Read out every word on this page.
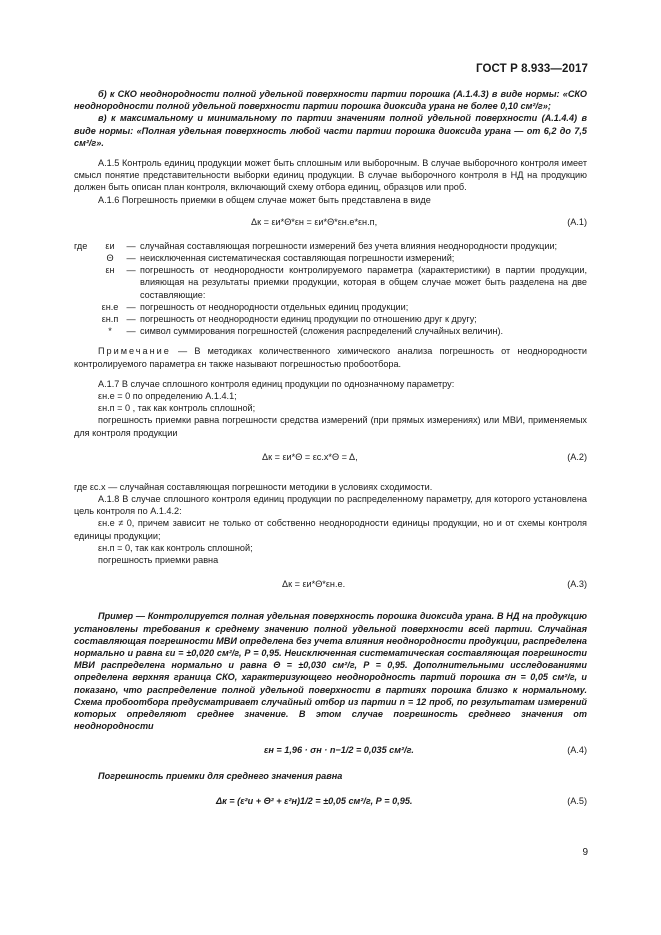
ГОСТ Р 8.933—2017

б) к СКО неоднородности полной удельной поверхности партии порошка (А.1.4.3) в виде нормы: «СКО неоднородности полной удельной поверхности партии порошка диоксида урана не более 0,10 см²/г»;

в) к максимальному и минимальному по партии значениям полной удельной поверхности (А.1.4.4) в виде нормы: «Полная удельная поверхность любой части партии порошка диоксида урана — от 6,2 до 7,5 см²/г».

А.1.5 Контроль единиц продукции может быть сплошным или выборочным. В случае выборочного контроля имеет смысл понятие представительности выборки единиц продукции. В случае выборочного контроля в НД на продукцию должен быть описан план контроля, включающий схему отбора единиц, образцов или проб.

А.1.6 Погрешность приемки в общем случае может быть представлена в виде

Δк = εи*Θ*εн = εи*Θ*εн.е*εн.п,	(А.1)
где	εи	— случайная составляющая погрешности измерений без учета влияния неоднородности продукции;
Θ	— неисключенная систематическая составляющая погрешности измерений;
εн	— погрешность от неоднородности контролируемого параметра (характеристики) в партии продукции, влияющая на результаты приемки продукции, которая в общем случае может быть разделена на две составляющие:
εн.е — погрешность от неоднородности отдельных единиц продукции;
εн.п — погрешность от неоднородности единиц продукции по отношению друг к другу;
*	— символ суммирования погрешностей (сложения распределений случайных величин).

Примечание — В методиках количественного химического анализа погрешность от неоднородности контролируемого параметра εн также называют погрешностью пробоотбора.

А.1.7 В случае сплошного контроля единиц продукции по однозначному параметру:

εн.е = 0 по определению А.1.4.1;

εн.п = 0 , так как контроль сплошной;

погрешность приемки равна погрешности средства измерений (при прямых измерениях) или МВИ, применяемых для контроля продукции

Δк = εи*Θ = εс.х*Θ = Δ,	(А.2)

где εс.х — случайная составляющая погрешности методики в условиях сходимости.

А.1.8 В случае сплошного контроля единиц продукции по распределенному параметру, для которого установлена цель контроля по А.1.4.2:

εн.е ≠ 0, причем зависит не только от собственно неоднородности единицы продукции, но и от схемы контроля единицы продукции;

εн.п = 0, так как контроль сплошной;

погрешность приемки равна

Δк = εи*Θ*εн.е.	(А.3)

Пример — Контролируется полная удельная поверхность порошка диоксида урана. В НД на продукцию установлены требования к среднему значению полной удельной поверхности всей партии. Случайная составляющая погрешности МВИ определена без учета влияния неоднородности продукции, распределена нормально и равна εи = ±0,020 см²/г, Р = 0,95. Неисключенная систематическая составляющая погрешности МВИ распределена нормально и равна Θ = ±0,030 см²/г, Р = 0,95. Дополнительными исследованиями определена верхняя граница СКО, характеризующего неоднородность партий порошка σн = 0,05 см²/г, и показано, что распределение полной удельной поверхности в партиях порошка близко к нормальному. Схема пробоотбора предусматривает случайный отбор из партии n = 12 проб, по результатам измерений которых определяют среднее значение. В этом случае погрешность среднего значения от неоднородности

εн = 1,96 · σн · n−1/2 = 0,035 см²/г.	(А.4)

Погрешность приемки для среднего значения равна

Δк = (ε²и + Θ² + ε²н)1/2 = ±0,05 см²/г, Р = 0,95.	(А.5)
9
